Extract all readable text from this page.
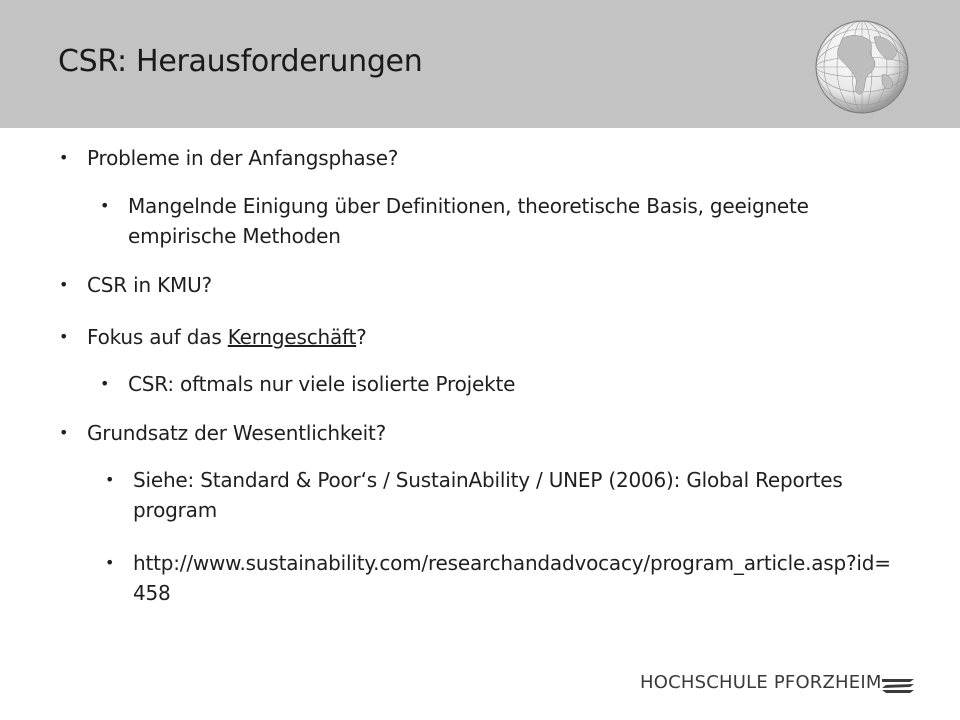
CSR: Herausforderungen
• Probleme in der Anfangsphase?
• Mangelnde Einigung über Definitionen, theoretische Basis, geeignete empirische Methoden
• CSR in KMU?
• Fokus auf das Kerngeschäft?
• CSR: oftmals nur viele isolierte Projekte
• Grundsatz der Wesentlichkeit?
• Siehe: Standard & Poor‘s / SustainAbility / UNEP (2006): Global Reportes program
• http://www.sustainability.com/researchandadvocacy/program_article.asp?id=458
HOCHSCHULE PFORZHEIM
